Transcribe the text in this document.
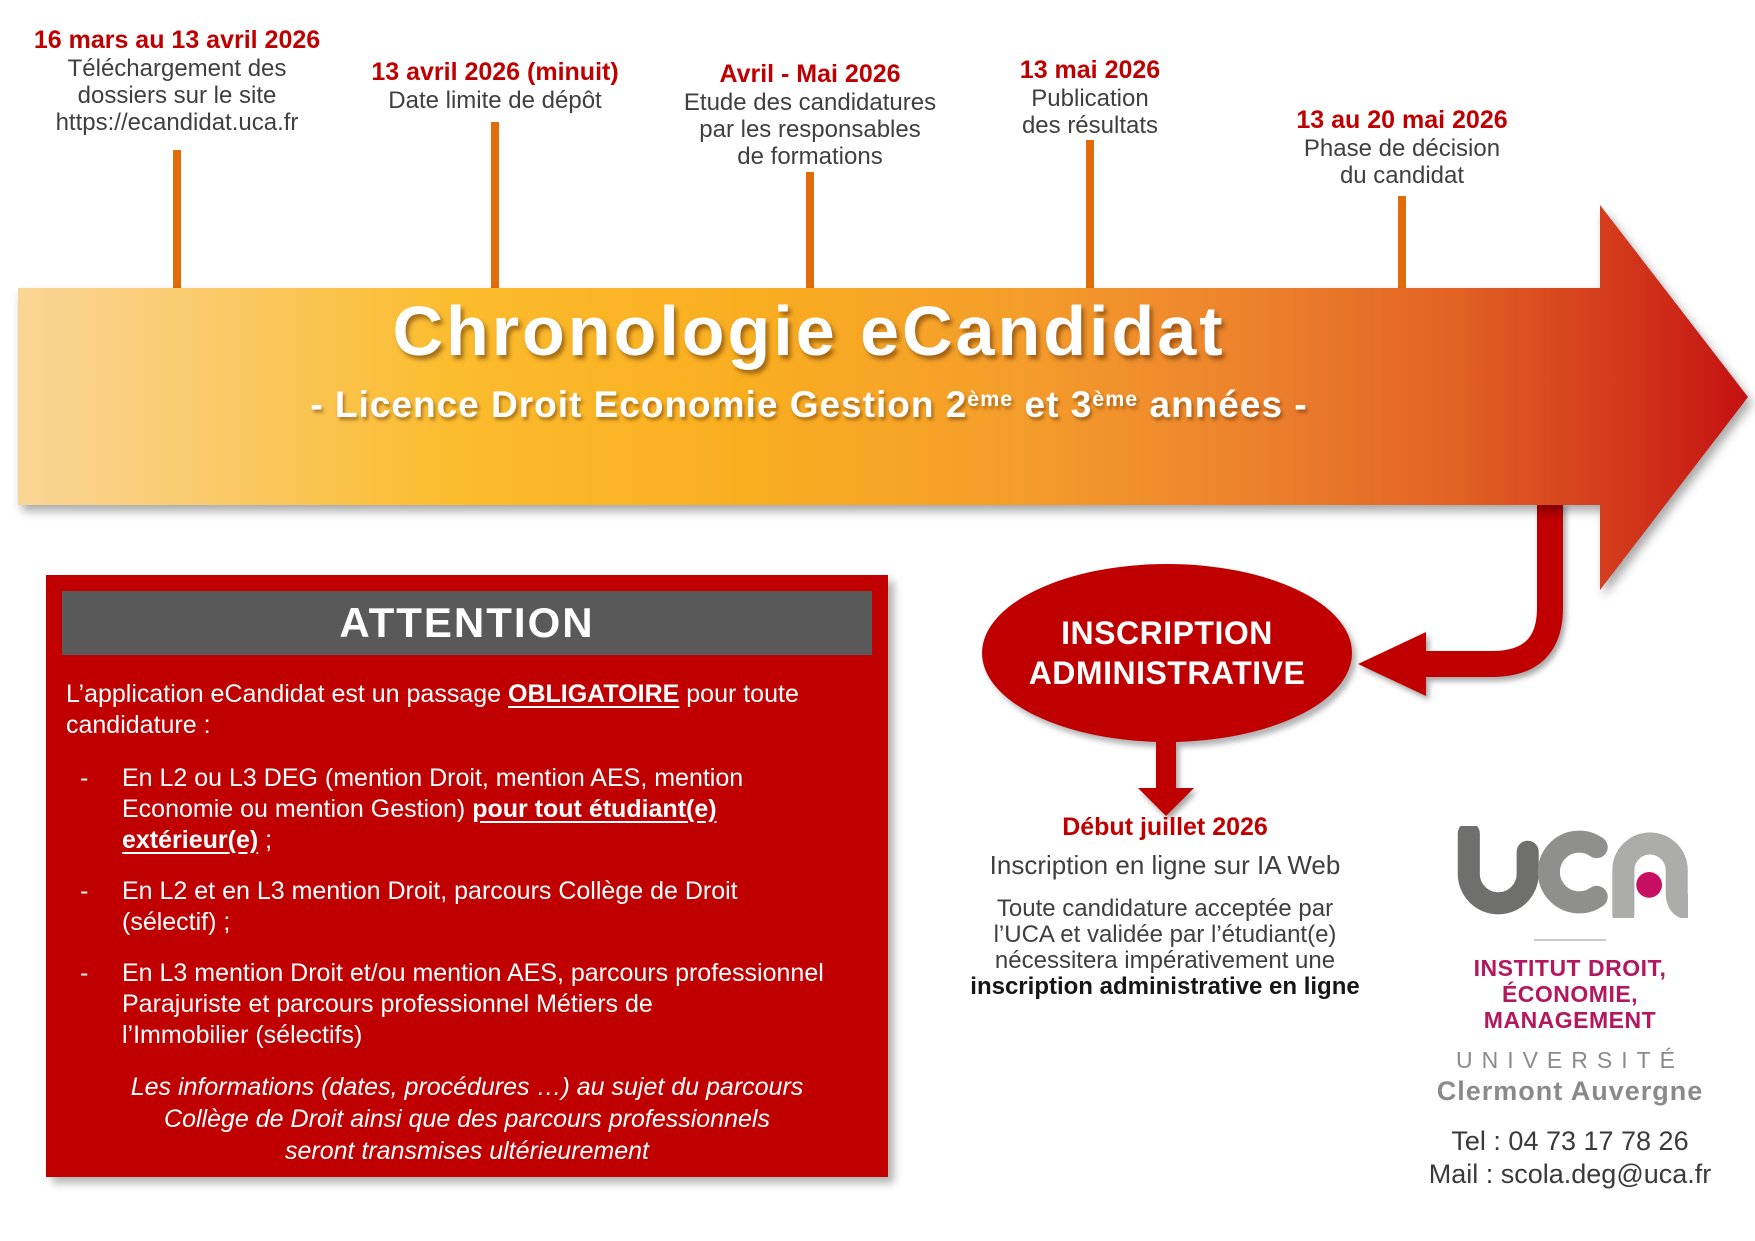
16 mars au 13 avril 2026
Téléchargement des
dossiers sur le site
https://ecandidat.uca.fr
13 avril 2026 (minuit)
Date limite de dépôt
Avril - Mai 2026
Etude des candidatures
par les responsables
de formations
13 mai 2026
Publication
des résultats	13 au 20 mai 2026
Phase de décision
du candidat
Chronologie eCandidat
- Licence Droit Economie Gestion 2ème et 3ème années -
ATTENTION
L’application eCandidat est un passage OBLIGATOIRE pour toute
candidature :
-	En L2 ou L3 DEG (mention Droit, mention AES, mention
Economie ou mention Gestion) pour tout étudiant(e)
extérieur(e) ;
-	En L2 et en L3 mention Droit, parcours Collège de Droit
(sélectif) ;
-	En L3 mention Droit et/ou mention AES, parcours professionnel
Parajuriste et parcours professionnel Métiers de
l’Immobilier (sélectifs)
Les informations (dates, procédures …) au sujet du parcours
Collège de Droit ainsi que des parcours professionnels
seront transmises ultérieurement
INSCRIPTION
ADMINISTRATIVE
Début juillet 2026
Inscription en ligne sur IA Web
Toute candidature acceptée par
l’UCA et validée par l’étudiant(e)
nécessitera impérativement une
inscription administrative en ligne
INSTITUT DROIT,
ÉCONOMIE,
MANAGEMENT
UNIVERSITÉ
Clermont Auvergne
Tel : 04 73 17 78 26
Mail : scola.deg@uca.fr
